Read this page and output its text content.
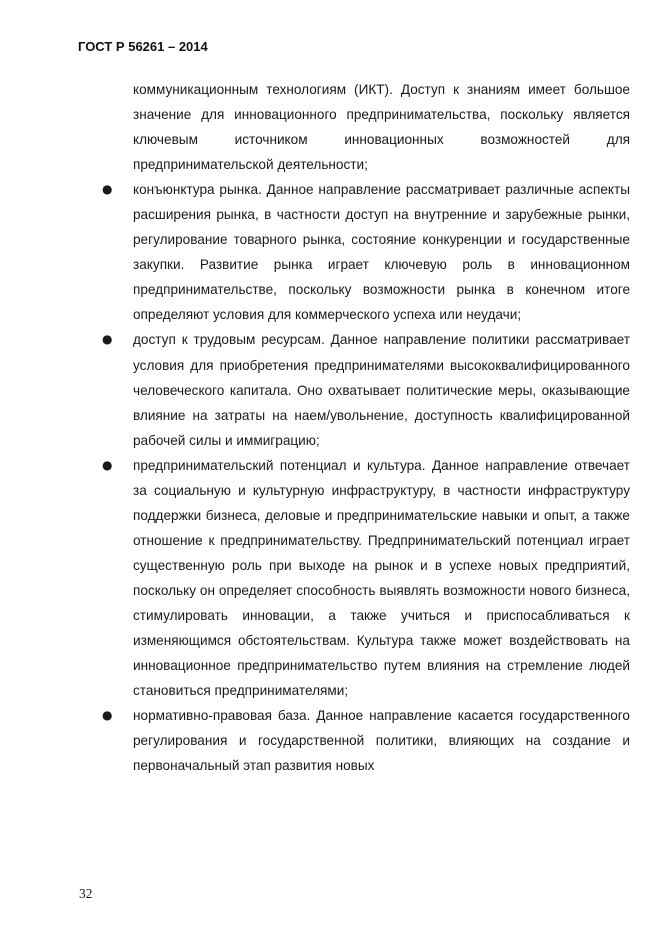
ГОСТ Р 56261 – 2014

коммуникационным технологиям (ИКТ). Доступ к знаниям имеет большое значение для инновационного предпринимательства, поскольку является ключевым источником инновационных возможностей для предпринимательской деятельности;

● конъюнктура рынка. Данное направление рассматривает различные аспекты расширения рынка, в частности доступ на внутренние и зарубежные рынки, регулирование товарного рынка, состояние конкуренции и государственные закупки. Развитие рынка играет ключевую роль в инновационном предпринимательстве, поскольку возможности рынка в конечном итоге определяют условия для коммерческого успеха или неудачи;

● доступ к трудовым ресурсам. Данное направление политики рассматривает условия для приобретения предпринимателями высококвалифицированного человеческого капитала. Оно охватывает политические меры, оказывающие влияние на затраты на наем/увольнение, доступность квалифицированной рабочей силы и иммиграцию;

● предпринимательский потенциал и культура. Данное направление отвечает за социальную и культурную инфраструктуру, в частности инфраструктуру поддержки бизнеса, деловые и предпринимательские навыки и опыт, а также отношение к предпринимательству. Предпринимательский потенциал играет существенную роль при выходе на рынок и в успехе новых предприятий, поскольку он определяет способность выявлять возможности нового бизнеса, стимулировать инновации, а также учиться и приспосабливаться к изменяющимся обстоятельствам. Культура также может воздействовать на инновационное предпринимательство путем влияния на стремление людей становиться предпринимателями;

● нормативно-правовая база. Данное направление касается государственного регулирования и государственной политики, влияющих на создание и первоначальный этап развития новых

32
